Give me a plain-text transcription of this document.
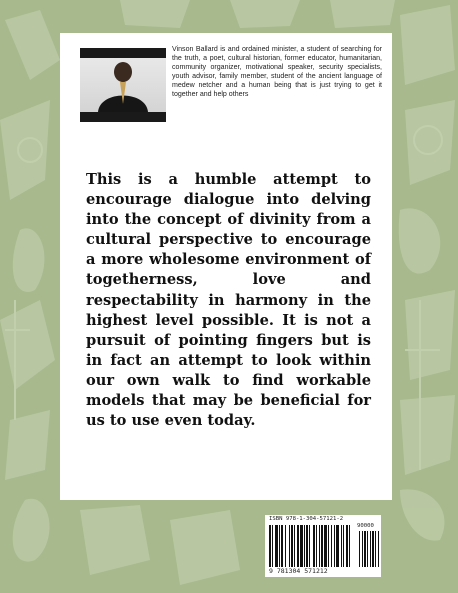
Vinson Ballard is and ordained minister, a student of searching for the truth, a poet, cultural historian, former educator, humanitarian, community organizer, motivational speaker, security specialists, youth advisor, family member, student of the ancient language of medew netcher and a human being that is just trying to get it together and help others
This is a humble attempt to encourage dialogue into delving into the concept of divinity from a cultural perspective to encourage a more wholesome environment of togetherness, love and respectability in harmony in the highest level possible. It is not a pursuit of pointing fingers but is in fact an attempt to look within our own walk to find workable models that may be beneficial for us to use even today.
ISBN 978-1-304-57121-2
90000
9 781304 571212
